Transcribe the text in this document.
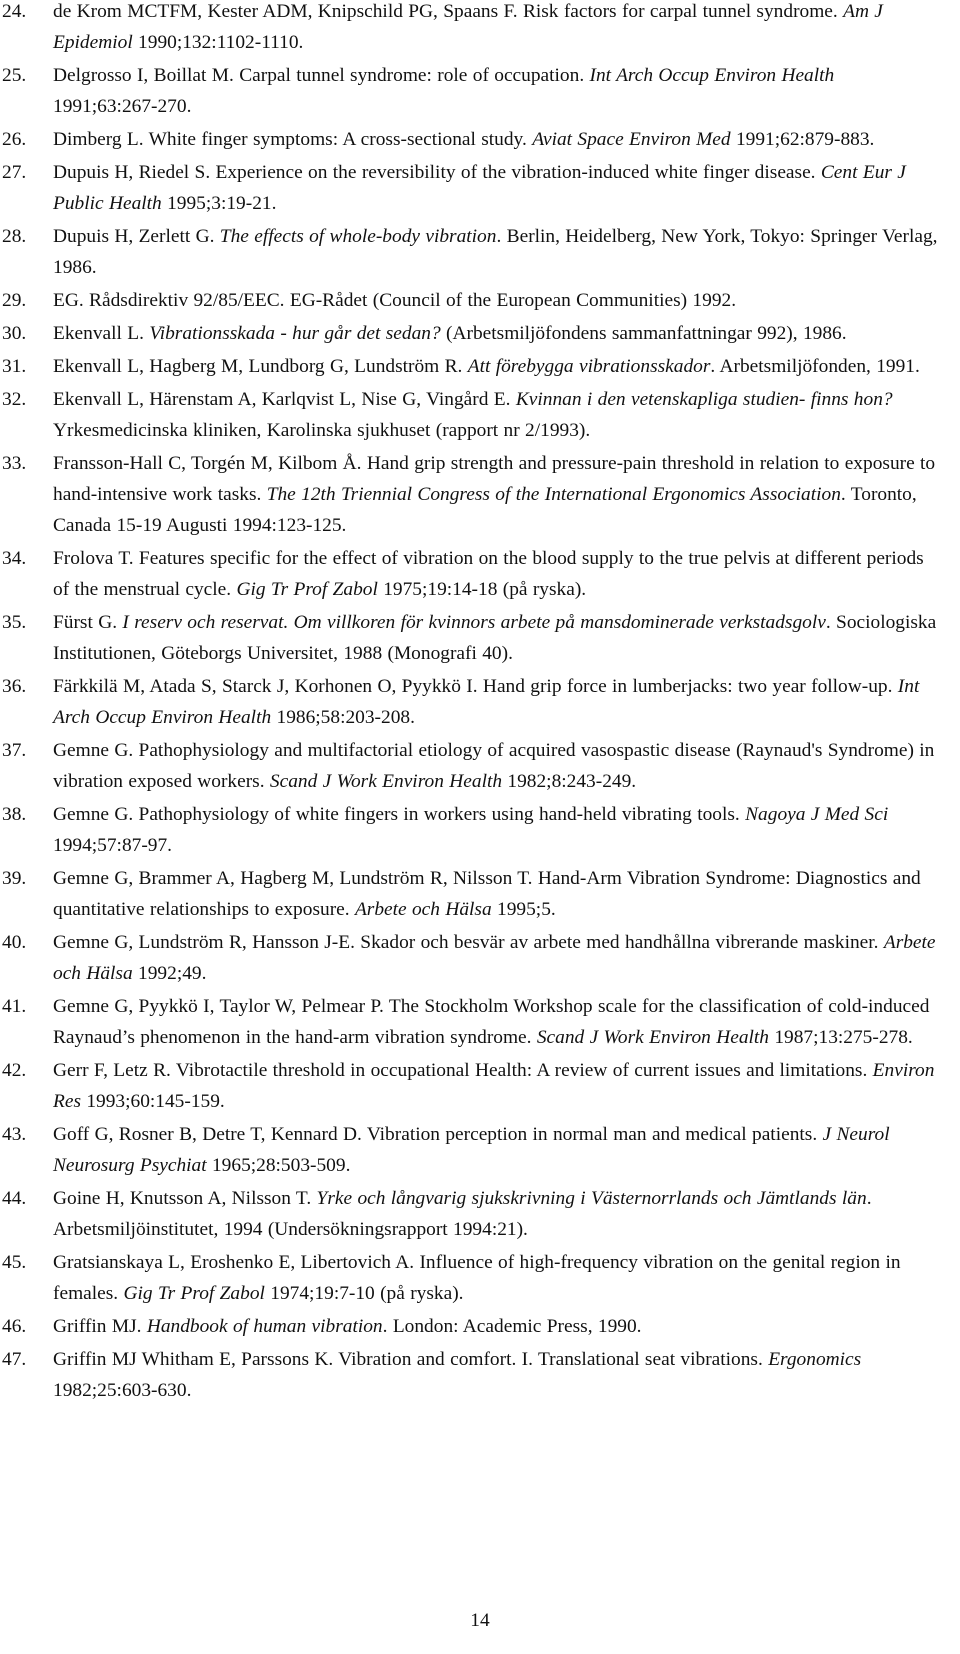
24. de Krom MCTFM, Kester ADM, Knipschild PG, Spaans F. Risk factors for carpal tunnel syndrome. Am J Epidemiol 1990;132:1102-1110.
25. Delgrosso I, Boillat M. Carpal tunnel syndrome: role of occupation. Int Arch Occup Environ Health 1991;63:267-270.
26. Dimberg L. White finger symptoms: A cross-sectional study. Aviat Space Environ Med 1991;62:879-883.
27. Dupuis H, Riedel S. Experience on the reversibility of the vibration-induced white finger disease. Cent Eur J Public Health 1995;3:19-21.
28. Dupuis H, Zerlett G. The effects of whole-body vibration. Berlin, Heidelberg, New York, Tokyo: Springer Verlag, 1986.
29. EG. Rådsdirektiv 92/85/EEC. EG-Rådet (Council of the European Communities) 1992.
30. Ekenvall L. Vibrationsskada - hur går det sedan? (Arbetsmiljöfondens sammanfattningar 992), 1986.
31. Ekenvall L, Hagberg M, Lundborg G, Lundström R. Att förebygga vibrationsskador. Arbetsmiljöfonden, 1991.
32. Ekenvall L, Härenstam A, Karlqvist L, Nise G, Vingård E. Kvinnan i den vetenskapliga studien- finns hon? Yrkesmedicinska kliniken, Karolinska sjukhuset (rapport nr 2/1993).
33. Fransson-Hall C, Torgén M, Kilbom Å. Hand grip strength and pressure-pain threshold in relation to exposure to hand-intensive work tasks. The 12th Triennial Congress of the International Ergonomics Association. Toronto, Canada 15-19 Augusti 1994:123-125.
34. Frolova T. Features specific for the effect of vibration on the blood supply to the true pelvis at different periods of the menstrual cycle. Gig Tr Prof Zabol 1975;19:14-18 (på ryska).
35. Fürst G. I reserv och reservat. Om villkoren för kvinnors arbete på mansdominerade verkstadsgolv. Sociologiska Institutionen, Göteborgs Universitet, 1988 (Monografi 40).
36. Färkkilä M, Atada S, Starck J, Korhonen O, Pyykkö I. Hand grip force in lumberjacks: two year follow-up. Int Arch Occup Environ Health 1986;58:203-208.
37. Gemne G. Pathophysiology and multifactorial etiology of acquired vasospastic disease (Raynaud's Syndrome) in vibration exposed workers. Scand J Work Environ Health 1982;8:243-249.
38. Gemne G. Pathophysiology of white fingers in workers using hand-held vibrating tools. Nagoya J Med Sci 1994;57:87-97.
39. Gemne G, Brammer A, Hagberg M, Lundström R, Nilsson T. Hand-Arm Vibration Syndrome: Diagnostics and quantitative relationships to exposure. Arbete och Hälsa 1995;5.
40. Gemne G, Lundström R, Hansson J-E. Skador och besvär av arbete med handhållna vibrerande maskiner. Arbete och Hälsa 1992;49.
41. Gemne G, Pyykkö I, Taylor W, Pelmear P. The Stockholm Workshop scale for the classification of cold-induced Raynaud’s phenomenon in the hand-arm vibration syndrome. Scand J Work Environ Health 1987;13:275-278.
42. Gerr F, Letz R. Vibrotactile threshold in occupational Health: A review of current issues and limitations. Environ Res 1993;60:145-159.
43. Goff G, Rosner B, Detre T, Kennard D. Vibration perception in normal man and medical patients. J Neurol Neurosurg Psychiat 1965;28:503-509.
44. Goine H, Knutsson A, Nilsson T. Yrke och långvarig sjukskrivning i Västernorrlands och Jämtlands län. Arbetsmiljöinstitutet, 1994 (Undersökningsrapport 1994:21).
45. Gratsianskaya L, Eroshenko E, Libertovich A. Influence of high-frequency vibration on the genital region in females. Gig Tr Prof Zabol 1974;19:7-10 (på ryska).
46. Griffin MJ. Handbook of human vibration. London: Academic Press, 1990.
47. Griffin MJ Whitham E, Parssons K. Vibration and comfort. I. Translational seat vibrations. Ergonomics 1982;25:603-630.
14
